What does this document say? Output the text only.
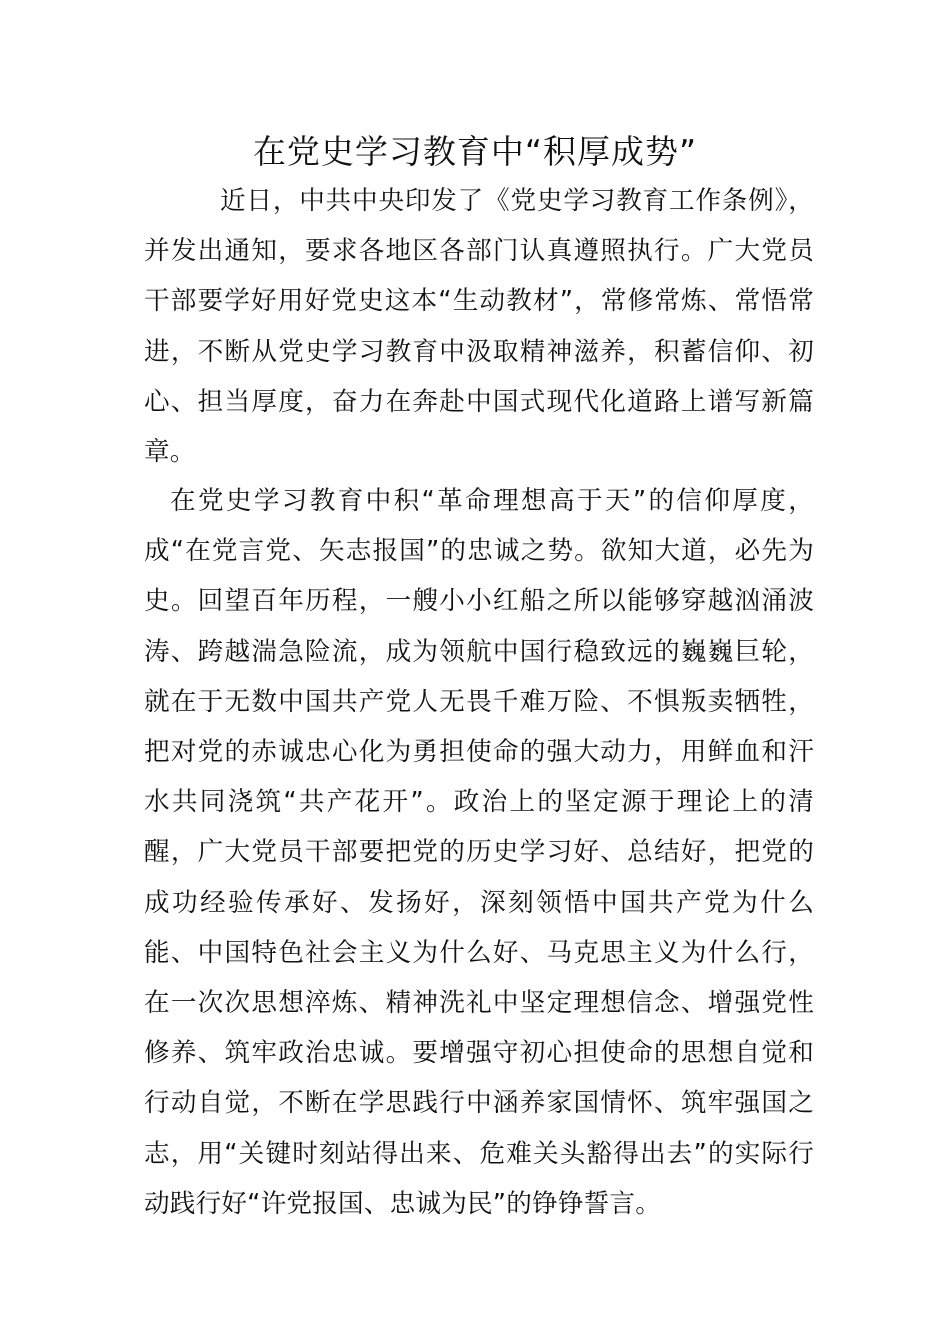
在党史学习教育中“积厚成势”

近日，中共中央印发了《党史学习教育工作条例》，并发出通知，要求各地区各部门认真遵照执行。广大党员干部要学好用好党史这本“生动教材”，常修常炼、常悟常进，不断从党史学习教育中汲取精神滋养，积蓄信仰、初心、担当厚度，奋力在奔赴中国式现代化道路上谱写新篇章。

在党史学习教育中积“革命理想高于天”的信仰厚度，成“在党言党、矢志报国”的忠诚之势。欲知大道，必先为史。回望百年历程，一艘小小红船之所以能够穿越汹涌波涛、跨越湍急险流，成为领航中国行稳致远的巍巍巨轮，就在于无数中国共产党人无畏千难万险、不惧叛卖牺牲，把对党的赤诚忠心化为勇担使命的强大动力，用鲜血和汗水共同浇筑“共产花开”。政治上的坚定源于理论上的清醒，广大党员干部要把党的历史学习好、总结好，把党的成功经验传承好、发扬好，深刻领悟中国共产党为什么能、中国特色社会主义为什么好、马克思主义为什么行，在一次次思想淬炼、精神洗礼中坚定理想信念、增强党性修养、筑牢政治忠诚。要增强守初心担使命的思想自觉和行动自觉，不断在学思践行中涵养家国情怀、筑牢强国之志，用“关键时刻站得出来、危难关头豁得出去”的实际行动践行好“许党报国、忠诚为民”的铮铮誓言。
